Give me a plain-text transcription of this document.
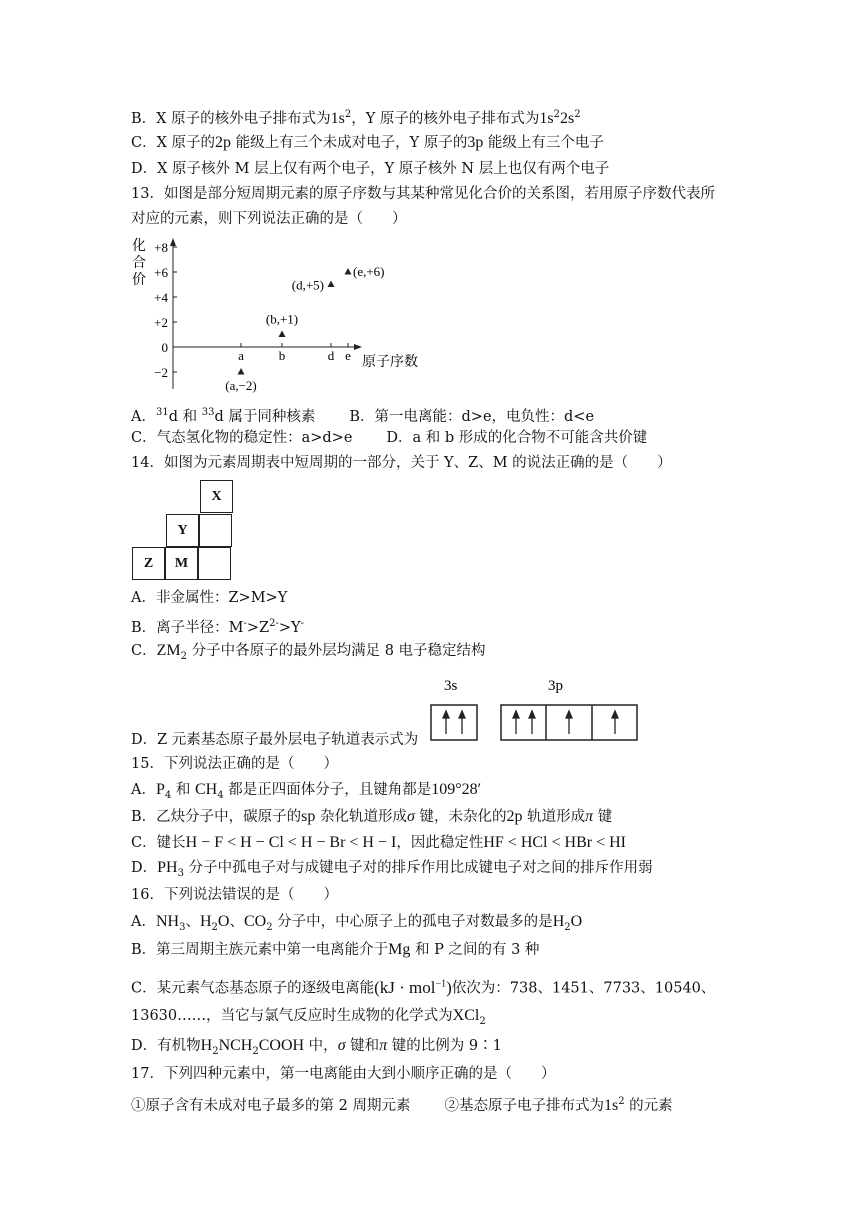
B．X 原子的核外电子排布式为$1s^2$，Y 原子的核外电子排布式为$1s^22s^2$
C．X 原子的2p 能级上有三个未成对电子，Y 原子的3p 能级上有三个电子
D．X 原子核外 M 层上仅有两个电子，Y 原子核外 N 层上也仅有两个电子
13．如图是部分短周期元素的原子序数与其某种常见化合价的关系图，若用原子序数代表所
对应的元素，则下列说法正确的是（　　）
化合价
+8
+6
+4
+2
0
−2
a	b	d e
(a,−2)
(b,+1)
(d,+5)
(e,+6)
原子序数
A．$^{31}$d 和 $^{33}$d 属于同种核素 B．第一电离能：d>e，电负性：d<e
C．气态氢化物的稳定性：a>d>e D．a 和 b 形成的化合物不可能含共价键
14．如图为元素周期表中短周期的一部分，关于 Y、Z、M 的说法正确的是（　　）
X
Y
Z	M
A．非金属性：Z>M>Y
B．离子半径：$M^->Z^{2-}>Y^-$
C．$ZM_2$ 分子中各原子的最外层均满足 8 电子稳定结构
3s	3p
D．Z 元素基态原子最外层电子轨道表示式为
15．下列说法正确的是（　　）
A．$P_4$ 和 $CH_4$ 都是正四面体分子，且键角都是109°28′
B．乙炔分子中，碳原子的sp 杂化轨道形成σ 键，未杂化的2p 轨道形成π 键
C．键长H − F < H − Cl < H − Br < H − I，因此稳定性HF < HCl < HBr < HI
D．$PH_3$ 分子中孤电子对与成键电子对的排斥作用比成键电子对之间的排斥作用弱
16．下列说法错误的是（　　）
A．$NH_3$、$H_2O$、$CO_2$ 分子中，中心原子上的孤电子对数最多的是$H_2O$
B．第三周期主族元素中第一电离能介于Mg 和 P 之间的有 3 种
C．某元素气态基态原子的逐级电离能(kJ · mol$^{-1}$)依次为：738、1451、7733、10540、
13630……，当它与氯气反应时生成物的化学式为XCl$_2$
D．有机物$H_2NCH_2COOH$ 中，σ 键和π 键的比例为 9∶1
17．下列四种元素中，第一电离能由大到小顺序正确的是（　　）
①原子含有未成对电子最多的第 2 周期元素 ②基态原子电子排布式为$1s^2$ 的元素
